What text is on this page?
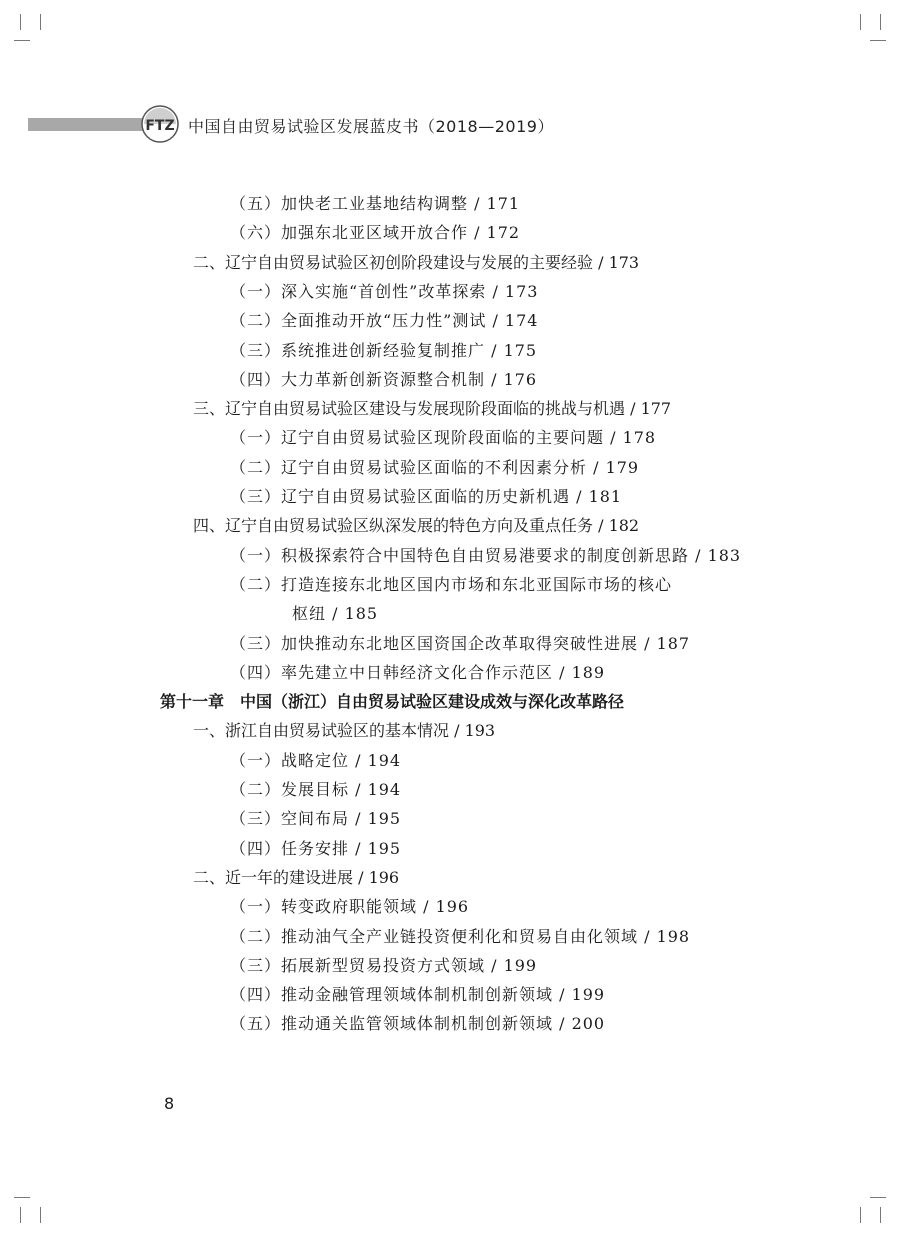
FTZ 中国自由贸易试验区发展蓝皮书（2018—2019）
（五）加快老工业基地结构调整 / 171
（六）加强东北亚区域开放合作 / 172
二、辽宁自由贸易试验区初创阶段建设与发展的主要经验 / 173
（一）深入实施“首创性”改革探索 / 173
（二）全面推动开放“压力性”测试 / 174
（三）系统推进创新经验复制推广 / 175
（四）大力革新创新资源整合机制 / 176
三、辽宁自由贸易试验区建设与发展现阶段面临的挑战与机遇 / 177
（一）辽宁自由贸易试验区现阶段面临的主要问题 / 178
（二）辽宁自由贸易试验区面临的不利因素分析 / 179
（三）辽宁自由贸易试验区面临的历史新机遇 / 181
四、辽宁自由贸易试验区纵深发展的特色方向及重点任务 / 182
（一）积极探索符合中国特色自由贸易港要求的制度创新思路 / 183
（二）打造连接东北地区国内市场和东北亚国际市场的核心
枢纽 / 185
（三）加快推动东北地区国资国企改革取得突破性进展 / 187
（四）率先建立中日韩经济文化合作示范区 / 189
第十一章　中国（浙江）自由贸易试验区建设成效与深化改革路径
一、浙江自由贸易试验区的基本情况 / 193
（一）战略定位 / 194
（二）发展目标 / 194
（三）空间布局 / 195
（四）任务安排 / 195
二、近一年的建设进展 / 196
（一）转变政府职能领域 / 196
（二）推动油气全产业链投资便利化和贸易自由化领域 / 198
（三）拓展新型贸易投资方式领域 / 199
（四）推动金融管理领域体制机制创新领域 / 199
（五）推动通关监管领域体制机制创新领域 / 200
8
